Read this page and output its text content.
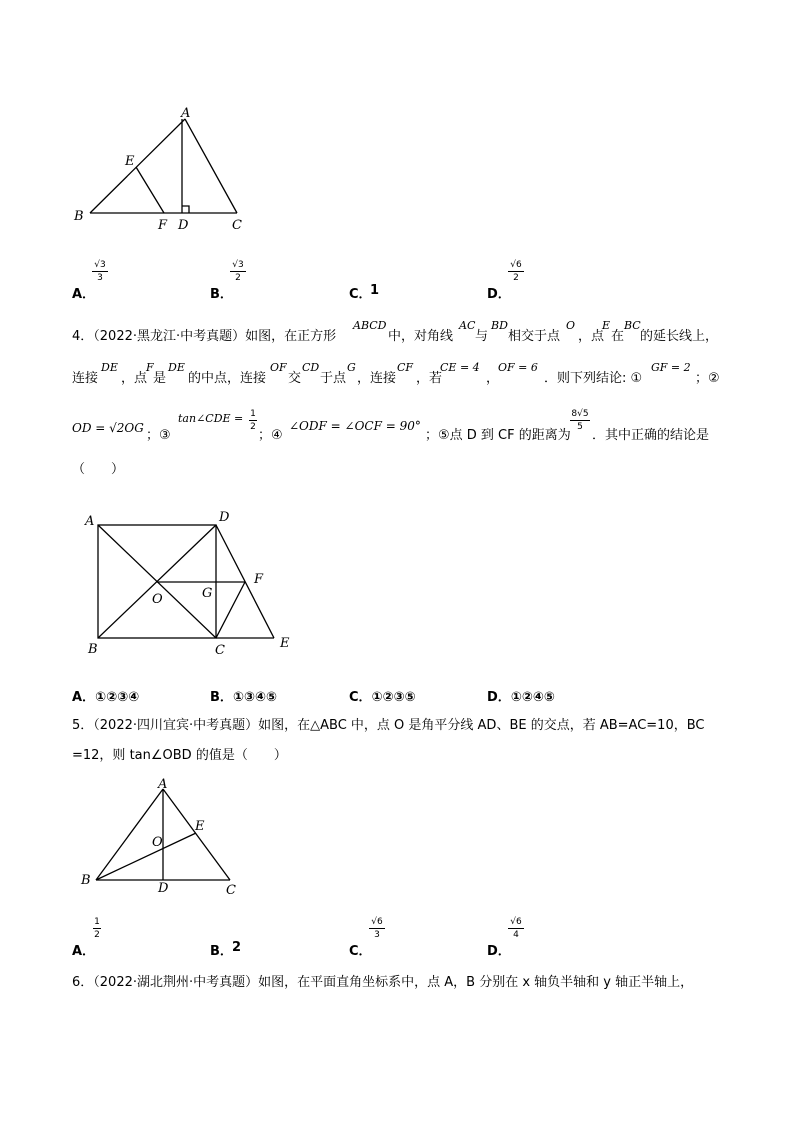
A
B
C
D
E
F
A．
√3
3
B．
√3
2
C．
1	D．
√6
2
4．（2022·黑龙江·中考真题）如图，在正方形
ABCD
中，对角线
AC
与
BD
相交于点
O
，点
E
在
BC
的延长线上，
连接
DE
，点
F
是
DE
的中点，连接
OF
交
CD
于点
G
，连接
CF
，若
CE = 4
，
OF = 6
．则下列结论: ①
GF = 2
；②
OD = √2OG ；③
tan∠CDE = 1
2
；④
∠ODF = ∠OCF = 90°
；⑤点 D 到 CF 的距离为
8√5
5
．其中正确的结论是
（　　）
A	D
B	C	E
F
O	G
A．①②③④	B．①③④⑤	C．①②③⑤	D．①②④⑤
5．（2022·四川宜宾·中考真题）如图，在△ABC 中，点 O 是角平分线 AD、BE 的交点，若 AB=AC=10，BC
=12，则 tan∠OBD 的值是（　　）
A
B
C
D
E
O
A．
1
2
B． 2	C．
√6
3
D．
√6
4
6．（2022·湖北荆州·中考真题）如图，在平面直角坐标系中，点 A，B 分别在 x 轴负半轴和 y 轴正半轴上，
